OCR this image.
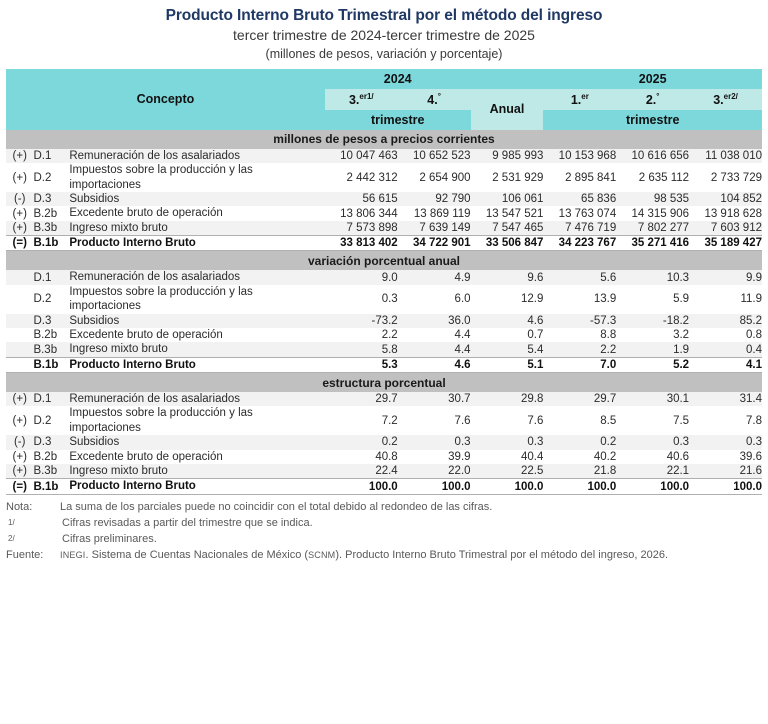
Producto Interno Bruto Trimestral por el método del ingreso
tercer trimestre de 2024-tercer trimestre de 2025
(millones de pesos, variación y porcentaje)
Concepto			2024			2025		
			3.$^{er1/}$	4.°	Anual	1.$^{er}$	2.°	3.$^{er2/}$
			trimestre			trimestre		
millones de pesos a precios corrientes								
(+)	D.1	Remuneración de los asalariados	10 047 463	10 652 523	9 985 993	10 153 968	10 616 656	11 038 010
(+)	D.2	Impuestos sobre la producción y las importaciones	2 442 312	2 654 900	2 531 929	2 895 841	2 635 112	2 733 729
(-)	D.3	Subsidios	56 615	92 790	106 061	65 836	98 535	104 852
(+)	B.2b	Excedente bruto de operación	13 806 344	13 869 119	13 547 521	13 763 074	14 315 906	13 918 628
(+)	B.3b	Ingreso mixto bruto	7 573 898	7 639 149	7 547 465	7 476 719	7 802 277	7 603 912
(=)	B.1b	Producto Interno Bruto	33 813 402	34 722 901	33 506 847	34 223 767	35 271 416	35 189 427
variación porcentual anual								
	D.1	Remuneración de los asalariados	9.0	4.9	9.6	5.6	10.3	9.9
	D.2	Impuestos sobre la producción y las importaciones	0.3	6.0	12.9	13.9	5.9	11.9
	D.3	Subsidios	-73.2	36.0	4.6	-57.3	-18.2	85.2
	B.2b	Excedente bruto de operación	2.2	4.4	0.7	8.8	3.2	0.8
	B.3b	Ingreso mixto bruto	5.8	4.4	5.4	2.2	1.9	0.4
	B.1b	Producto Interno Bruto	5.3	4.6	5.1	7.0	5.2	4.1
estructura porcentual								
(+)	D.1	Remuneración de los asalariados	29.7	30.7	29.8	29.7	30.1	31.4
(+)	D.2	Impuestos sobre la producción y las importaciones	7.2	7.6	7.6	8.5	7.5	7.8
(-)	D.3	Subsidios	0.2	0.3	0.3	0.2	0.3	0.3
(+)	B.2b	Excedente bruto de operación	40.8	39.9	40.4	40.2	40.6	39.6
(+)	B.3b	Ingreso mixto bruto	22.4	22.0	22.5	21.8	22.1	21.6
(=)	B.1b	Producto Interno Bruto	100.0	100.0	100.0	100.0	100.0	100.0
Nota:	La suma de los parciales puede no coincidir con el total debido al redondeo de las cifras.
1/	Cifras revisadas a partir del trimestre que se indica.
2/	Cifras preliminares.
Fuente:	INEGI. Sistema de Cuentas Nacionales de México (SCNM). Producto Interno Bruto Trimestral por el método del ingreso, 2026.
